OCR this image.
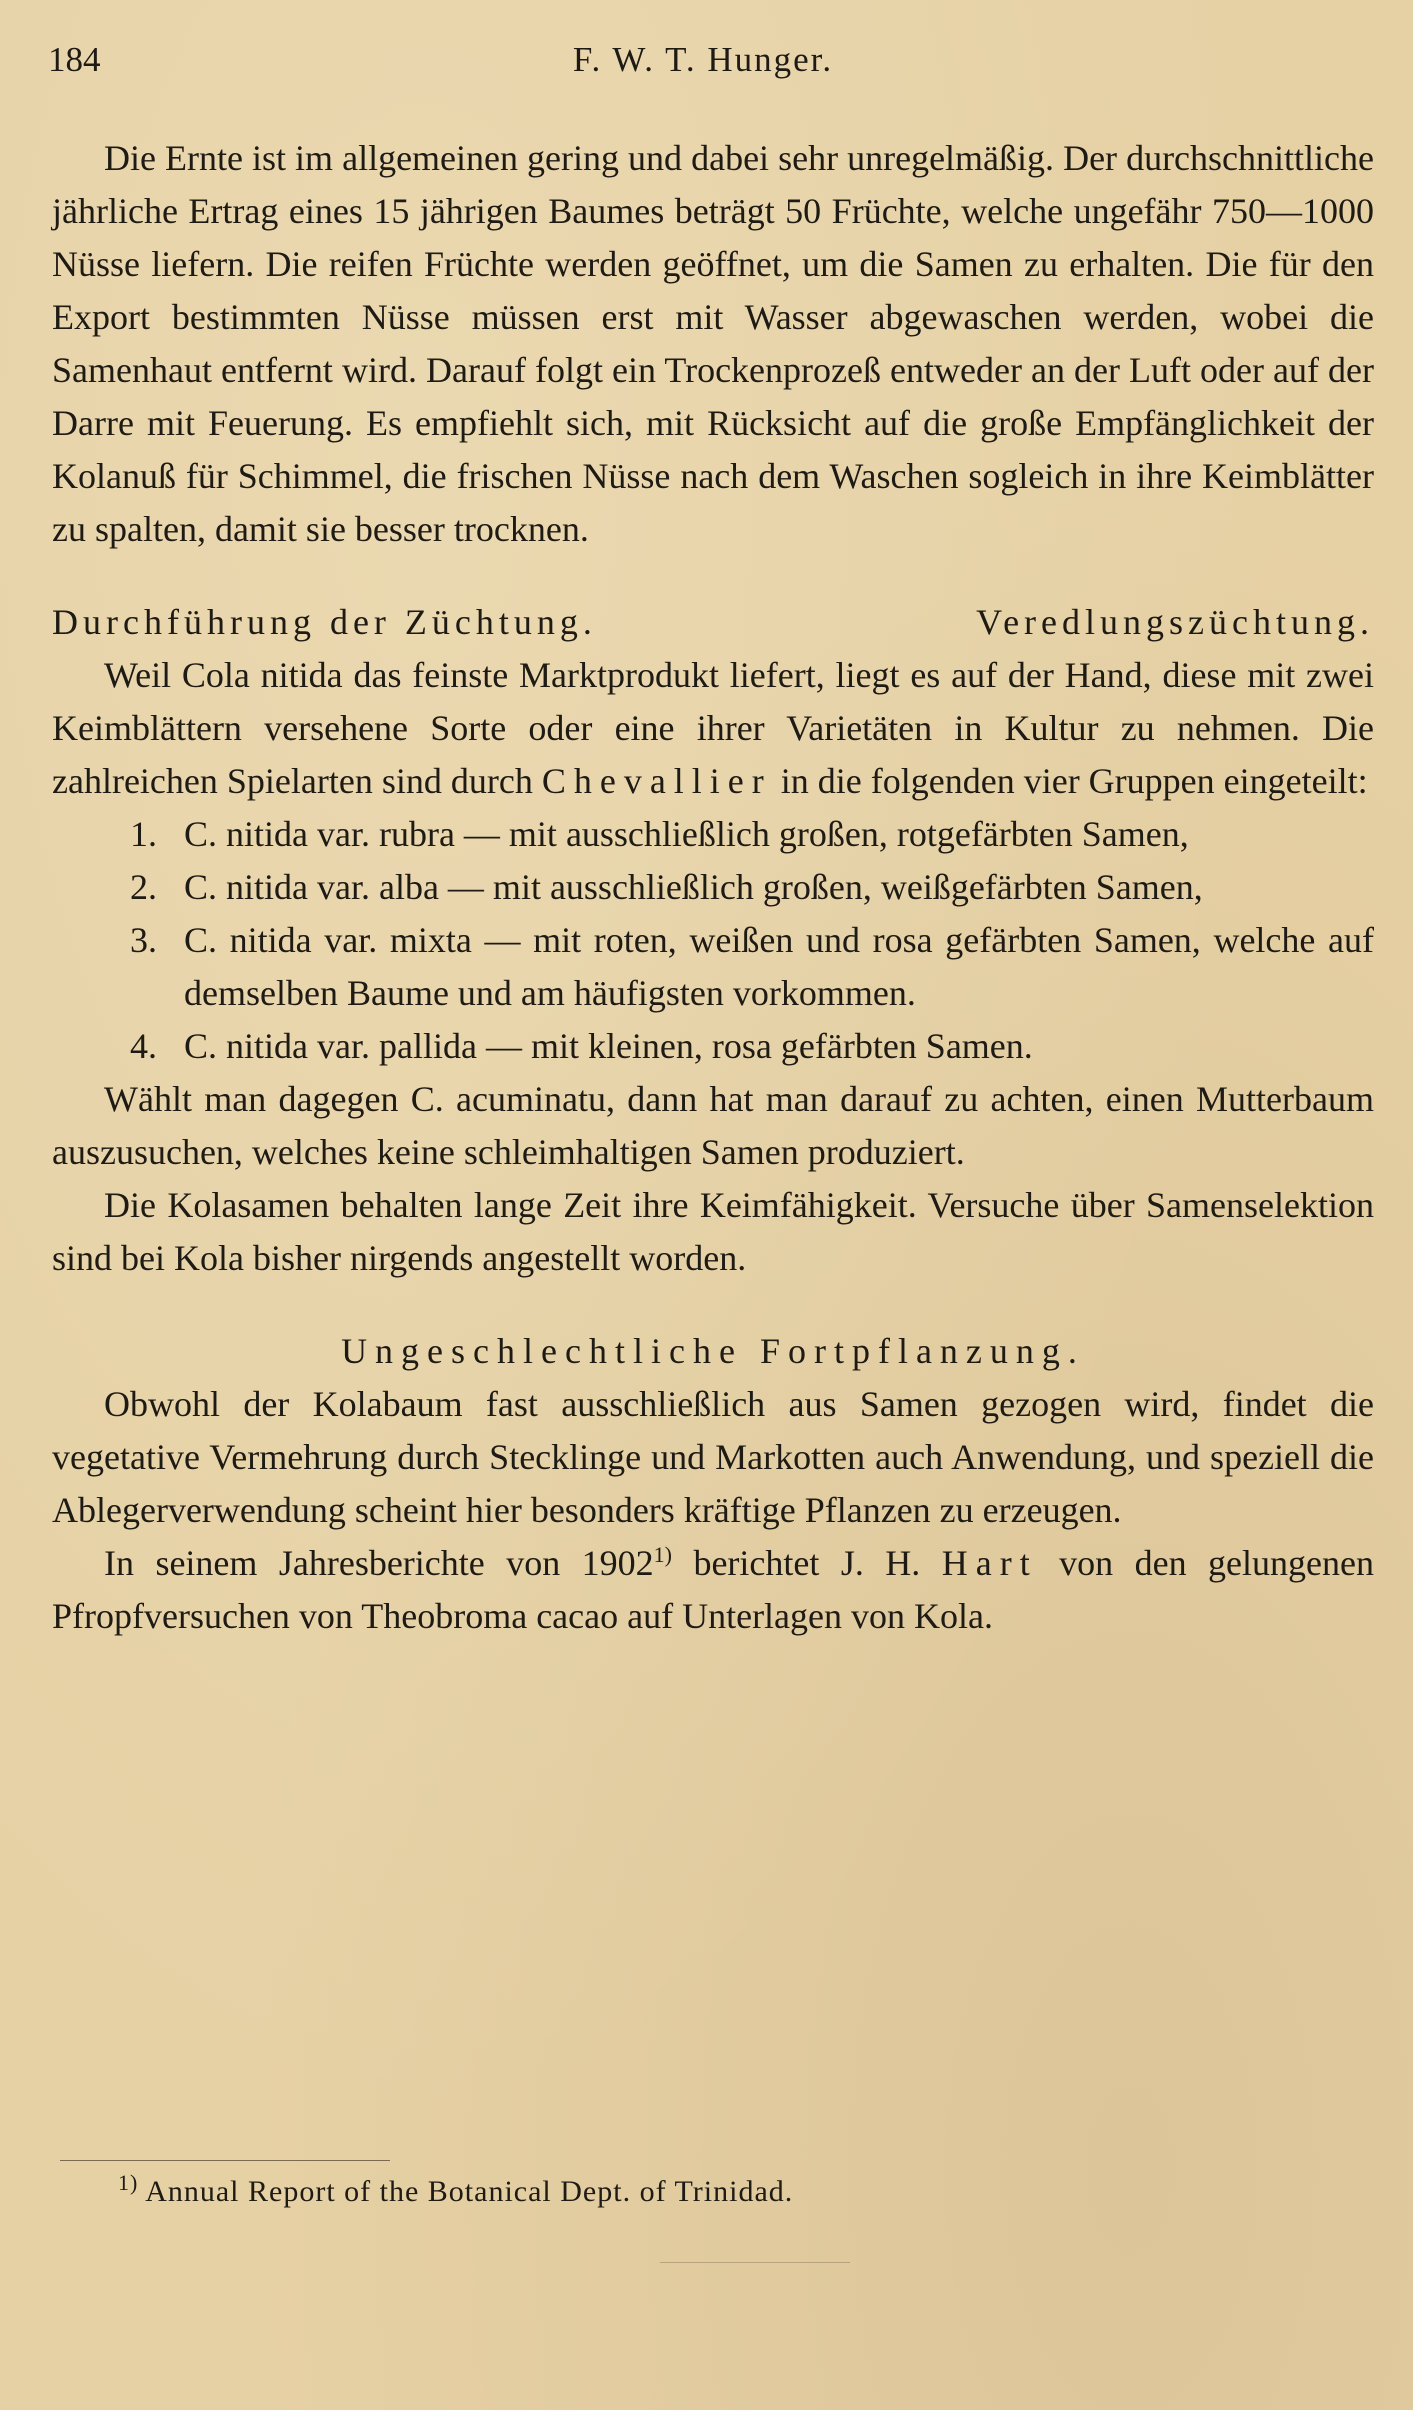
184	F. W. T. Hunger.

Die Ernte ist im allgemeinen gering und dabei sehr unregelmäßig. Der durchschnittliche jährliche Ertrag eines 15 jährigen Baumes beträgt 50 Früchte, welche ungefähr 750—1000 Nüsse liefern. Die reifen Früchte werden geöffnet, um die Samen zu erhalten. Die für den Export bestimmten Nüsse müssen erst mit Wasser abgewaschen werden, wobei die Samenhaut entfernt wird. Darauf folgt ein Trockenprozeß entweder an der Luft oder auf der Darre mit Feuerung. Es empfiehlt sich, mit Rücksicht auf die große Empfänglichkeit der Kolanuß für Schimmel, die frischen Nüsse nach dem Waschen sogleich in ihre Keimblätter zu spalten, damit sie besser trocknen.

Durchführung der Züchtung.	Veredlungszüchtung.

Weil Cola nitida das feinste Marktprodukt liefert, liegt es auf der Hand, diese mit zwei Keimblättern versehene Sorte oder eine ihrer Varietäten in Kultur zu nehmen. Die zahlreichen Spielarten sind durch Chevallier in die folgenden vier Gruppen eingeteilt:

1. C. nitida var. rubra — mit ausschließlich großen, rotgefärbten Samen,
2. C. nitida var. alba — mit ausschließlich großen, weißgefärbten Samen,
3. C. nitida var. mixta — mit roten, weißen und rosa gefärbten Samen, welche auf demselben Baume und am häufigsten vorkommen.
4. C. nitida var. pallida — mit kleinen, rosa gefärbten Samen.

Wählt man dagegen C. acuminatu, dann hat man darauf zu achten, einen Mutterbaum auszusuchen, welches keine schleimhaltigen Samen produziert.

Die Kolasamen behalten lange Zeit ihre Keimfähigkeit. Versuche über Samenselektion sind bei Kola bisher nirgends angestellt worden.

Ungeschlechtliche Fortpflanzung.

Obwohl der Kolabaum fast ausschließlich aus Samen gezogen wird, findet die vegetative Vermehrung durch Stecklinge und Markotten auch Anwendung, und speziell die Ablegerverwendung scheint hier besonders kräftige Pflanzen zu erzeugen.

In seinem Jahresberichte von 1902$^{1)}$ berichtet J. H. Hart von den gelungenen Pfropfversuchen von Theobroma cacao auf Unterlagen von Kola.

$^{1)}$ Annual Report of the Botanical Dept. of Trinidad.
